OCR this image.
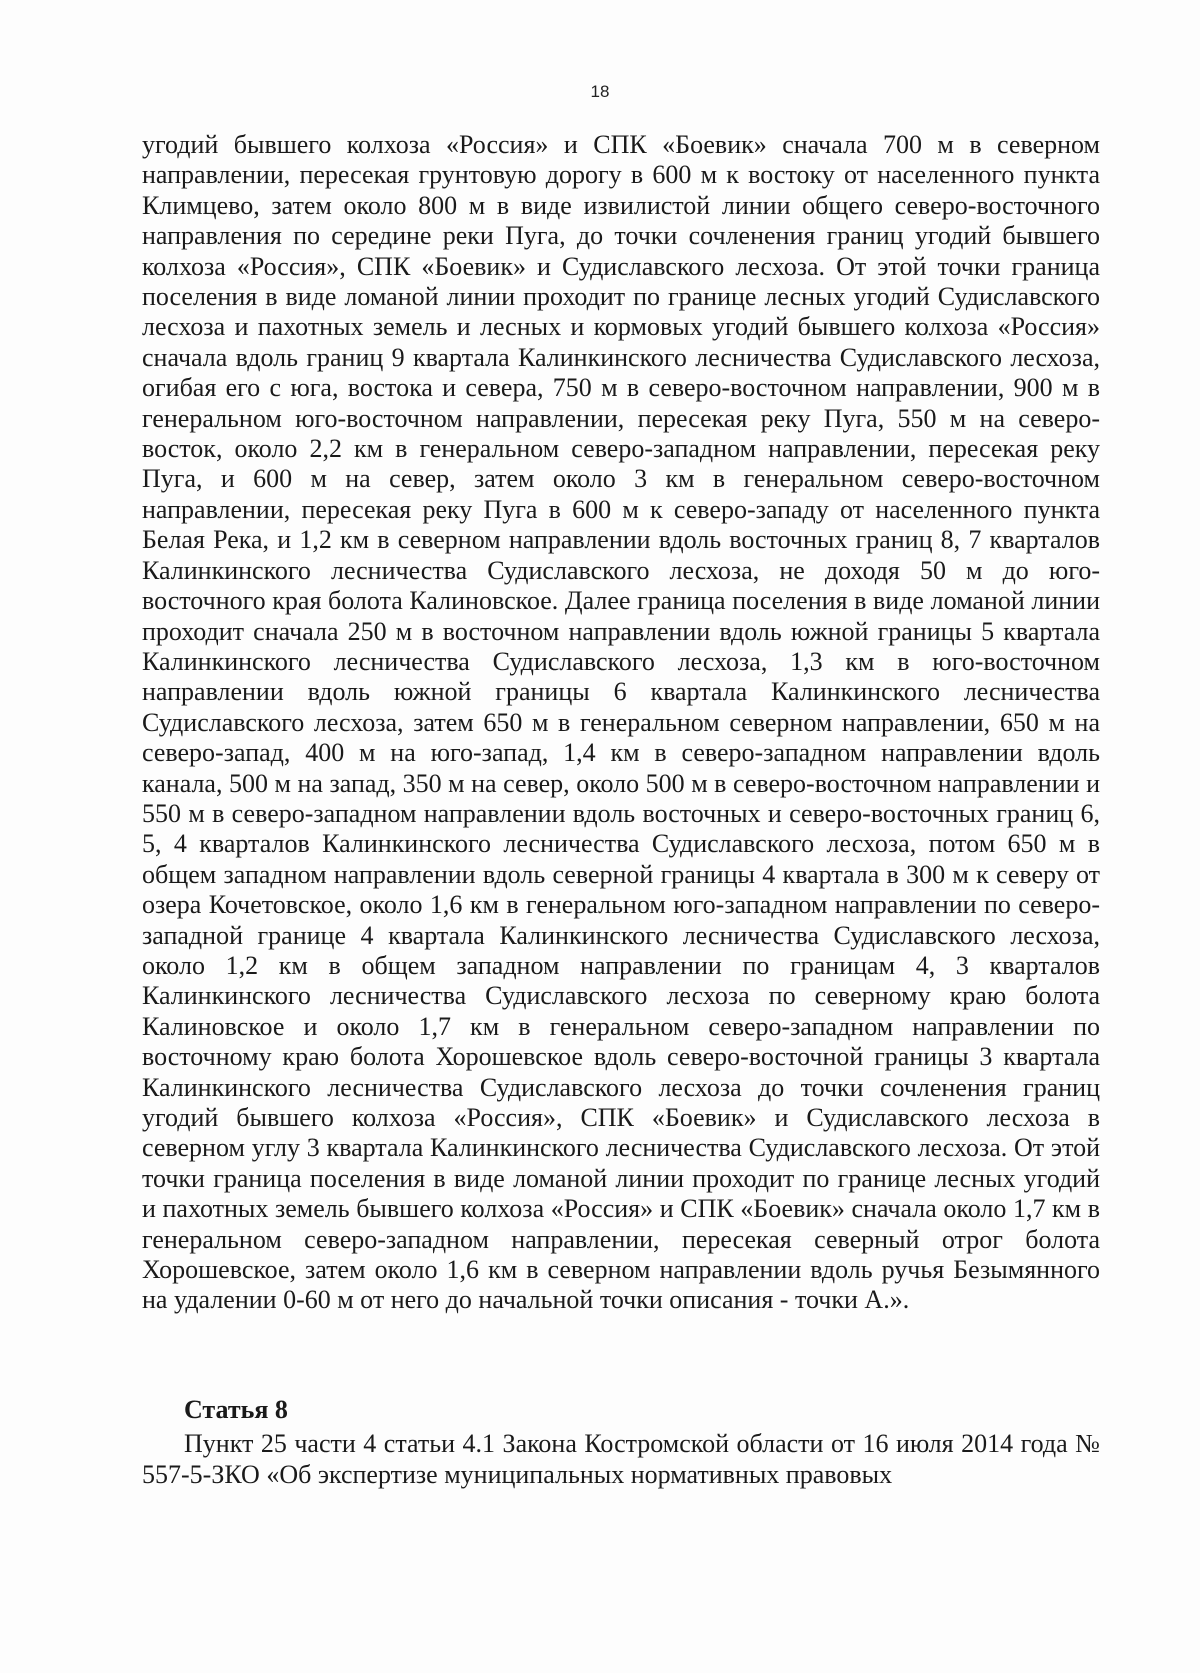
18

угодий бывшего колхоза «Россия» и СПК «Боевик» сначала 700 м в северном направлении, пересекая грунтовую дорогу в 600 м к востоку от населенного пункта Климцево, затем около 800 м в виде извилистой линии общего северо-восточного направления по середине реки Пуга, до точки сочленения границ угодий бывшего колхоза «Россия», СПК «Боевик» и Судиславского лесхоза. От этой точки граница поселения в виде ломаной линии проходит по границе лесных угодий Судиславского лесхоза и пахотных земель и лесных и кормовых угодий бывшего колхоза «Россия» сначала вдоль границ 9 квартала Калинкинского лесничества Судиславского лесхоза, огибая его с юга, востока и севера, 750 м в северо-восточном направлении, 900 м в генеральном юго-восточном направлении, пересекая реку Пуга, 550 м на северо-восток, около 2,2 км в генеральном северо-западном направлении, пересекая реку Пуга, и 600 м на север, затем около 3 км в генеральном северо-восточном направлении, пересекая реку Пуга в 600 м к северо-западу от населенного пункта Белая Река, и 1,2 км в северном направлении вдоль восточных границ 8, 7 кварталов Калинкинского лесничества Судиславского лесхоза, не доходя 50 м до юго-восточного края болота Калиновское. Далее граница поселения в виде ломаной линии проходит сначала 250 м в восточном направлении вдоль южной границы 5 квартала Калинкинского лесничества Судиславского лесхоза, 1,3 км в юго-восточном направлении вдоль южной границы 6 квартала Калинкинского лесничества Судиславского лесхоза, затем 650 м в генеральном северном направлении, 650 м на северо-запад, 400 м на юго-запад, 1,4 км в северо-западном направлении вдоль канала, 500 м на запад, 350 м на север, около 500 м в северо-восточном направлении и 550 м в северо-западном направлении вдоль восточных и северо-восточных границ 6, 5, 4 кварталов Калинкинского лесничества Судиславского лесхоза, потом 650 м в общем западном направлении вдоль северной границы 4 квартала в 300 м к северу от озера Кочетовское, около 1,6 км в генеральном юго-западном направлении по северо-западной границе 4 квартала Калинкинского лесничества Судиславского лесхоза, около 1,2 км в общем западном направлении по границам 4, 3 кварталов Калинкинского лесничества Судиславского лесхоза по северному краю болота Калиновское и около 1,7 км в генеральном северо-западном направлении по восточному краю болота Хорошевское вдоль северо-восточной границы 3 квартала Калинкинского лесничества Судиславского лесхоза до точки сочленения границ угодий бывшего колхоза «Россия», СПК «Боевик» и Судиславского лесхоза в северном углу 3 квартала Калинкинского лесничества Судиславского лесхоза. От этой точки граница поселения в виде ломаной линии проходит по границе лесных угодий и пахотных земель бывшего колхоза «Россия» и СПК «Боевик» сначала около 1,7 км в генеральном северо-западном направлении, пересекая северный отрог болота Хорошевское, затем около 1,6 км в северном направлении вдоль ручья Безымянного на удалении 0-60 м от него до начальной точки описания - точки А.».

Статья 8

Пункт 25 части 4 статьи 4.1 Закона Костромской области от 16 июля 2014 года № 557-5-ЗКО «Об экспертизе муниципальных нормативных правовых
